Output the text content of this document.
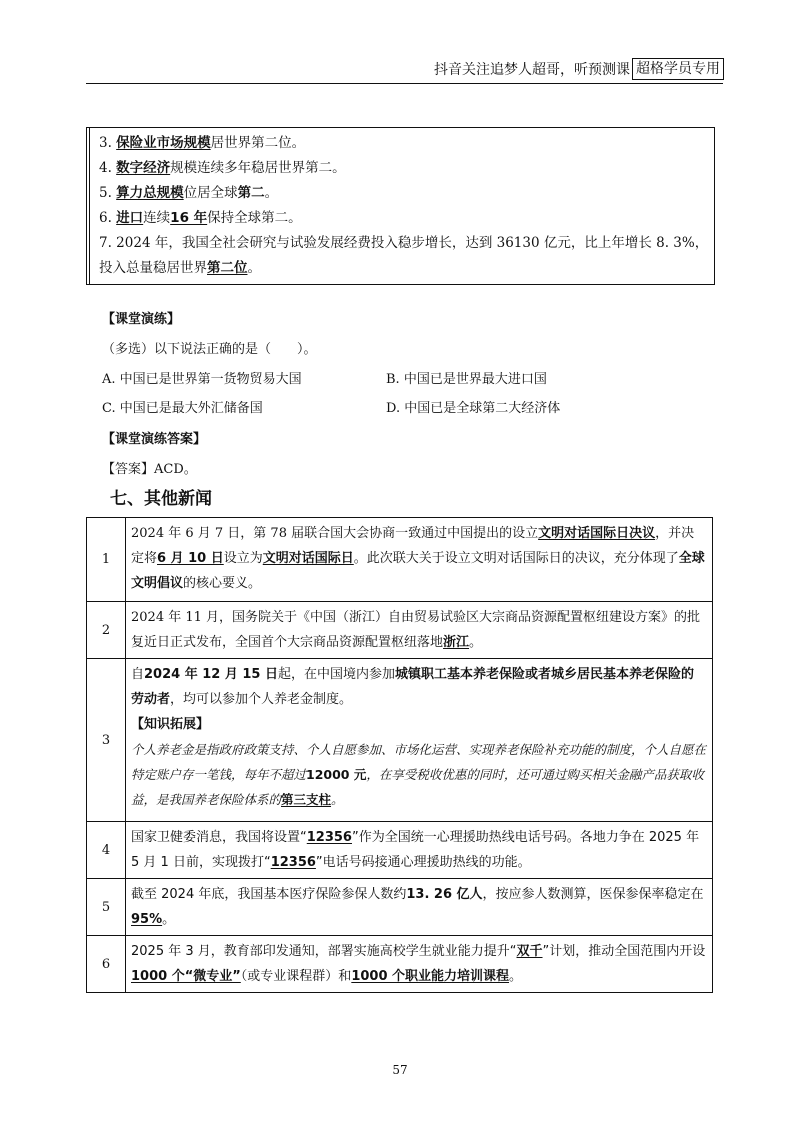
抖音关注追梦人超哥，听预测课 超格学员专用

3. 保险业市场规模居世界第二位。
4. 数字经济规模连续多年稳居世界第二。
5. 算力总规模位居全球第二。
6. 进口连续16 年保持全球第二。
7. 2024 年，我国全社会研究与试验发展经费投入稳步增长，达到 36130 亿元，比上年增长 8. 3%，
投入总量稳居世界第二位。
【课堂演练】
（多选）以下说法正确的是（　　）。
A. 中国已是世界第一货物贸易大国	B. 中国已是世界最大进口国
C. 中国已是最大外汇储备国	D. 中国已是全球第二大经济体
【课堂演练答案】
【答案】ACD。
七、其他新闻
1	2024 年 6 月 7 日，第 78 届联合国大会协商一致通过中国提出的设立文明对话国际日决议，并决定将6 月 10 日设立为文明对话国际日。此次联大关于设立文明对话国际日的决议，充分体现了全球文明倡议的核心要义。
2	2024 年 11 月，国务院关于《中国（浙江）自由贸易试验区大宗商品资源配置枢纽建设方案》的批复近日正式发布，全国首个大宗商品资源配置枢纽落地浙江。
3	自2024 年 12 月 15 日起，在中国境内参加城镇职工基本养老保险或者城乡居民基本养老保险的劳动者，均可以参加个人养老金制度。
【知识拓展】
个人养老金是指政府政策支持、个人自愿参加、市场化运营、实现养老保险补充功能的制度，个人自愿在特定账户存一笔钱，每年不超过12000 元，在享受税收优惠的同时，还可通过购买相关金融产品获取收益，是我国养老保险体系的第三支柱。

4	国家卫健委消息，我国将设置“12356”作为全国统一心理援助热线电话号码。各地力争在 2025 年 5 月 1 日前，实现拨打“12356”电话号码接通心理援助热线的功能。
5	截至 2024 年底，我国基本医疗保险参保人数约13. 26 亿人，按应参人数测算，医保参保率稳定在95%。
6	2025 年 3 月，教育部印发通知，部署实施高校学生就业能力提升“双千”计划，推动全国范围内开设1000 个“微专业”（或专业课程群）和1000 个职业能力培训课程。
57
